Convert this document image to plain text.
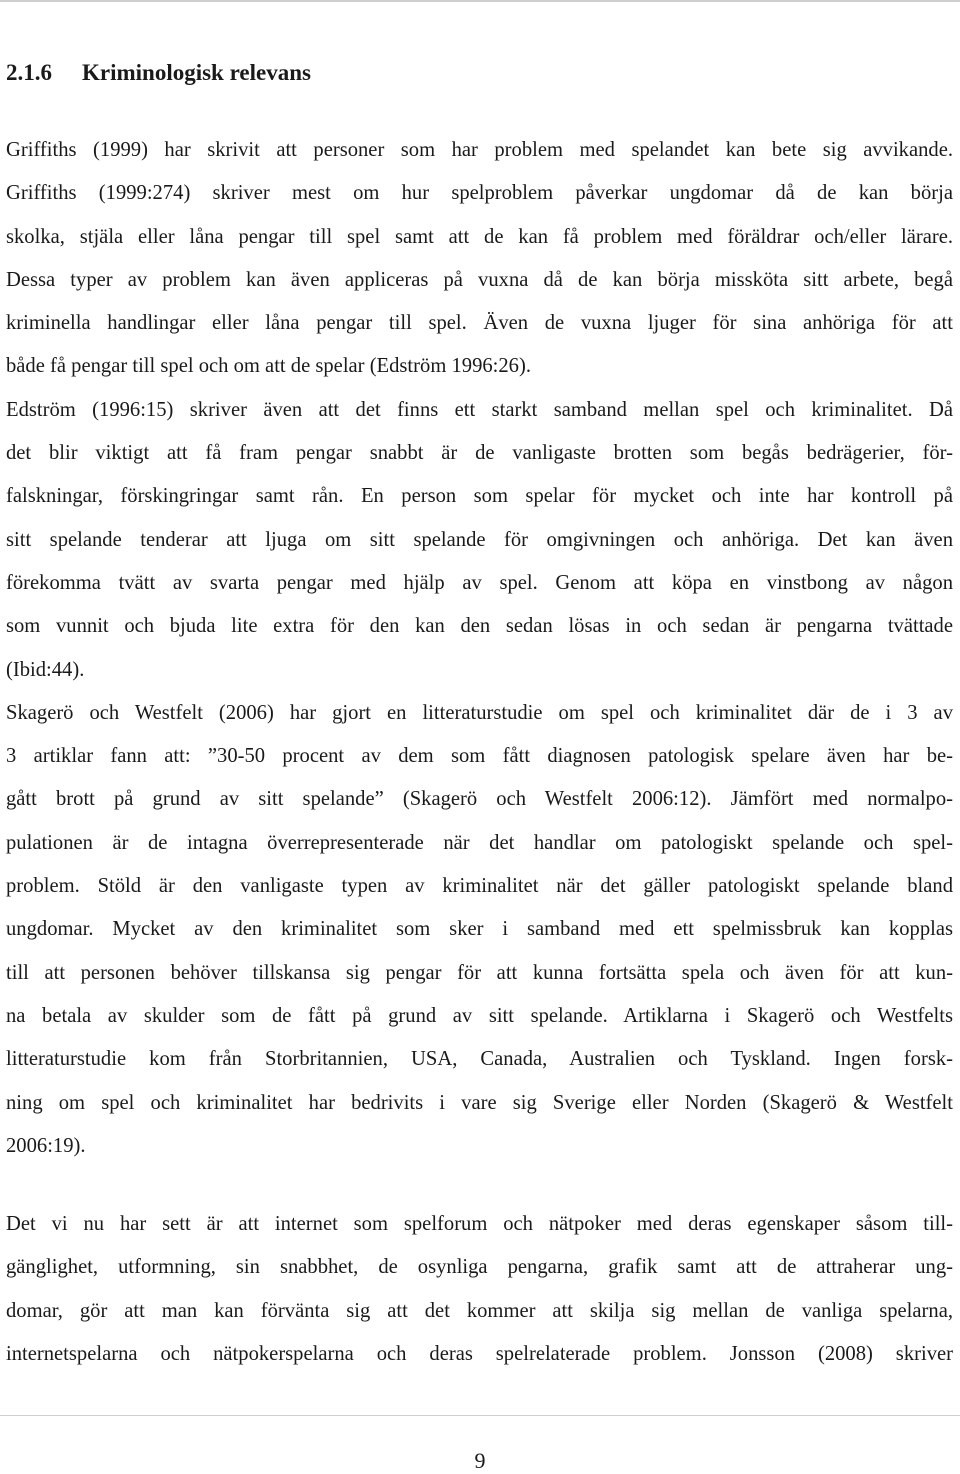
2.1.6 Kriminologisk relevans
Griffiths (1999) har skrivit att personer som har problem med spelandet kan bete sig avvikande.
Griffiths (1999:274) skriver mest om hur spelproblem påverkar ungdomar då de kan börja
skolka, stjäla eller låna pengar till spel samt att de kan få problem med föräldrar och/eller lärare.
Dessa typer av problem kan även appliceras på vuxna då de kan börja missköta sitt arbete, begå
kriminella handlingar eller låna pengar till spel. Även de vuxna ljuger för sina anhöriga för att
både få pengar till spel och om att de spelar (Edström 1996:26).
Edström (1996:15) skriver även att det finns ett starkt samband mellan spel och kriminalitet. Då
det blir viktigt att få fram pengar snabbt är de vanligaste brotten som begås bedrägerier, för-
falskningar, förskingringar samt rån. En person som spelar för mycket och inte har kontroll på
sitt spelande tenderar att ljuga om sitt spelande för omgivningen och anhöriga. Det kan även
förekomma tvätt av svarta pengar med hjälp av spel. Genom att köpa en vinstbong av någon
som vunnit och bjuda lite extra för den kan den sedan lösas in och sedan är pengarna tvättade
(Ibid:44).
Skagerö och Westfelt (2006) har gjort en litteraturstudie om spel och kriminalitet där de i 3 av
3 artiklar fann att: ”30-50 procent av dem som fått diagnosen patologisk spelare även har be-
gått brott på grund av sitt spelande” (Skagerö och Westfelt 2006:12). Jämfört med normalpo-
pulationen är de intagna överrepresenterade när det handlar om patologiskt spelande och spel-
problem. Stöld är den vanligaste typen av kriminalitet när det gäller patologiskt spelande bland
ungdomar. Mycket av den kriminalitet som sker i samband med ett spelmissbruk kan kopplas
till att personen behöver tillskansa sig pengar för att kunna fortsätta spela och även för att kun-
na betala av skulder som de fått på grund av sitt spelande. Artiklarna i Skagerö och Westfelts
litteraturstudie kom från Storbritannien, USA, Canada, Australien och Tyskland. Ingen forsk-
ning om spel och kriminalitet har bedrivits i vare sig Sverige eller Norden (Skagerö & Westfelt
2006:19).
Det vi nu har sett är att internet som spelforum och nätpoker med deras egenskaper såsom till-
gänglighet, utformning, sin snabbhet, de osynliga pengarna, grafik samt att de attraherar ung-
domar, gör att man kan förvänta sig att det kommer att skilja sig mellan de vanliga spelarna,
internetspelarna och nätpokerspelarna och deras spelrelaterade problem. Jonsson (2008) skriver
9
